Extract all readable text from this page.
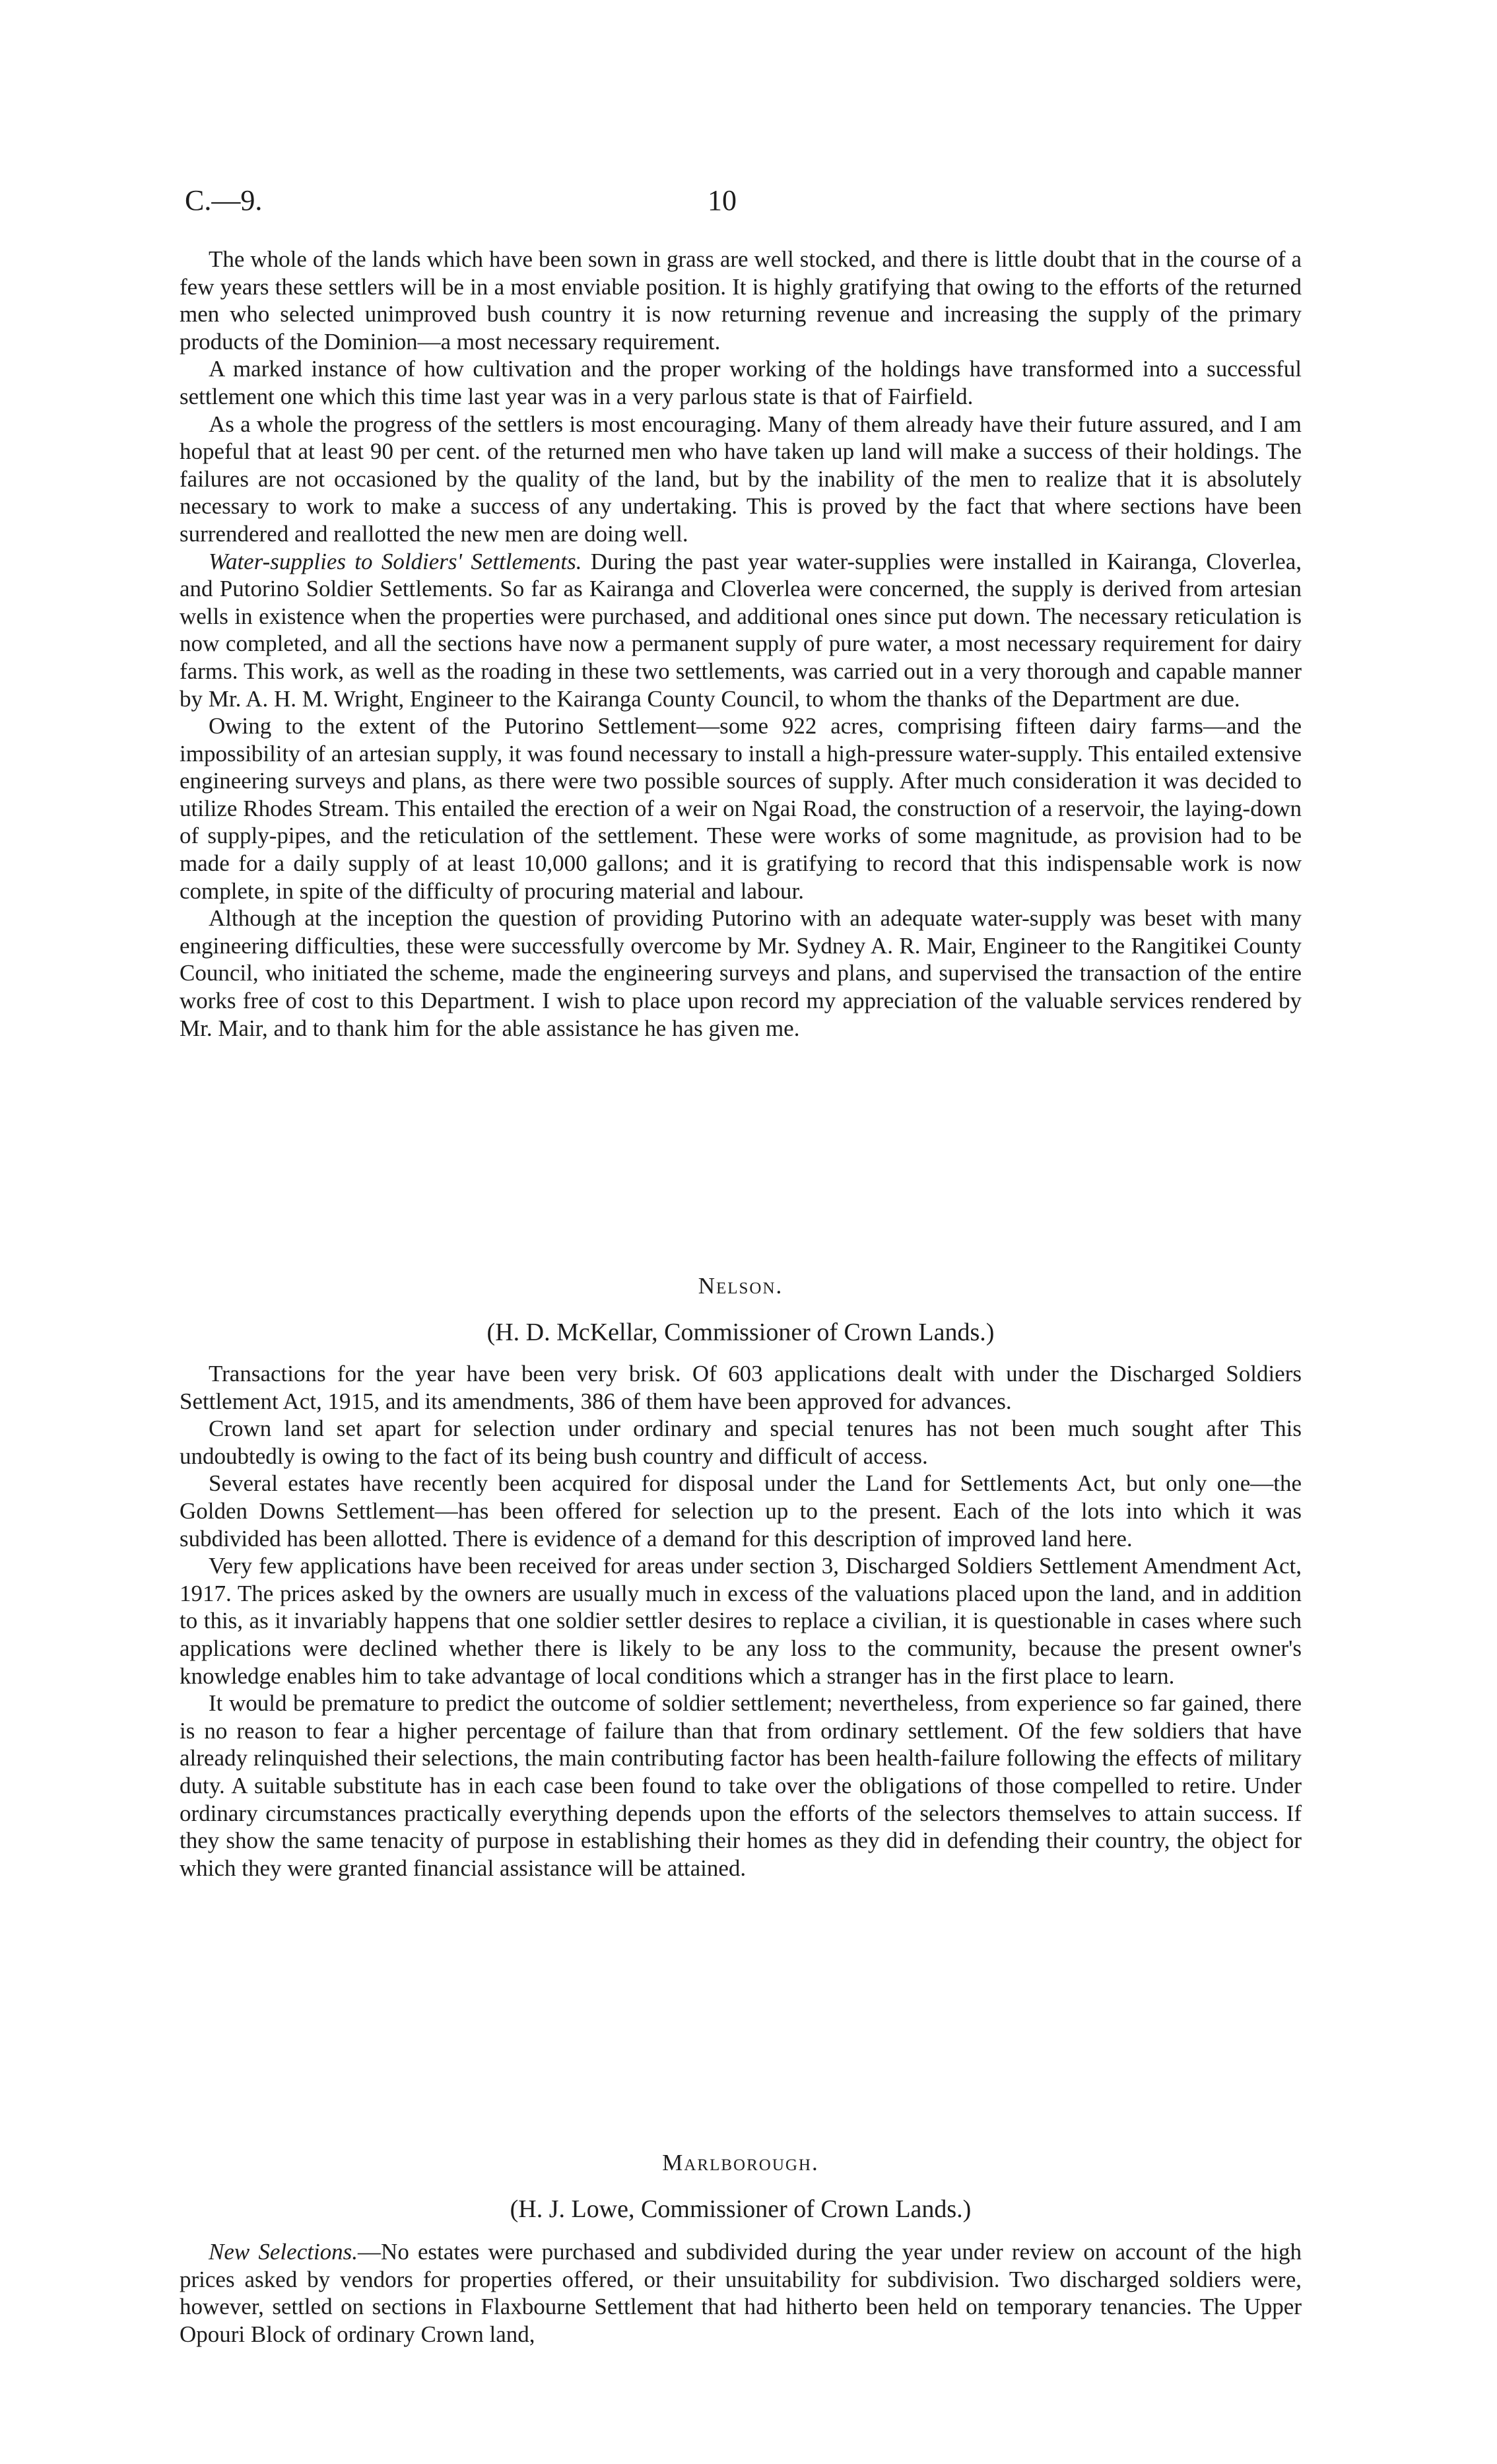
C.—9.	10

The whole of the lands which have been sown in grass are well stocked, and there is little doubt that in the course of a few years these settlers will be in a most enviable position. It is highly gratifying that owing to the efforts of the returned men who selected unimproved bush country it is now returning revenue and increasing the supply of the primary products of the Dominion—a most necessary requirement.

A marked instance of how cultivation and the proper working of the holdings have transformed into a successful settlement one which this time last year was in a very parlous state is that of Fairfield.

As a whole the progress of the settlers is most encouraging. Many of them already have their future assured, and I am hopeful that at least 90 per cent. of the returned men who have taken up land will make a success of their holdings. The failures are not occasioned by the quality of the land, but by the inability of the men to realize that it is absolutely necessary to work to make a success of any undertaking. This is proved by the fact that where sections have been surrendered and reallotted the new men are doing well.

Water-supplies to Soldiers' Settlements. During the past year water-supplies were installed in Kairanga, Cloverlea, and Putorino Soldier Settlements. So far as Kairanga and Cloverlea were concerned, the supply is derived from artesian wells in existence when the properties were purchased, and additional ones since put down. The necessary reticulation is now completed, and all the sections have now a permanent supply of pure water, a most necessary requirement for dairy farms. This work, as well as the roading in these two settlements, was carried out in a very thorough and capable manner by Mr. A. H. M. Wright, Engineer to the Kairanga County Council, to whom the thanks of the Department are due.

Owing to the extent of the Putorino Settlement—some 922 acres, comprising fifteen dairy farms—and the impossibility of an artesian supply, it was found necessary to install a high-pressure water-supply. This entailed extensive engineering surveys and plans, as there were two possible sources of supply. After much consideration it was decided to utilize Rhodes Stream. This entailed the erection of a weir on Ngai Road, the construction of a reservoir, the laying-down of supply-pipes, and the reticulation of the settlement. These were works of some magnitude, as provision had to be made for a daily supply of at least 10,000 gallons; and it is gratifying to record that this indispensable work is now complete, in spite of the difficulty of procuring material and labour.

Although at the inception the question of providing Putorino with an adequate water-supply was beset with many engineering difficulties, these were successfully overcome by Mr. Sydney A. R. Mair, Engineer to the Rangitikei County Council, who initiated the scheme, made the engineering surveys and plans, and supervised the transaction of the entire works free of cost to this Department. I wish to place upon record my appreciation of the valuable services rendered by Mr. Mair, and to thank him for the able assistance he has given me.

Nelson.
(H. D. McKellar, Commissioner of Crown Lands.)

Transactions for the year have been very brisk. Of 603 applications dealt with under the Discharged Soldiers Settlement Act, 1915, and its amendments, 386 of them have been approved for advances.

Crown land set apart for selection under ordinary and special tenures has not been much sought after This undoubtedly is owing to the fact of its being bush country and difficult of access.

Several estates have recently been acquired for disposal under the Land for Settlements Act, but only one—the Golden Downs Settlement—has been offered for selection up to the present. Each of the lots into which it was subdivided has been allotted. There is evidence of a demand for this description of improved land here.

Very few applications have been received for areas under section 3, Discharged Soldiers Settlement Amendment Act, 1917. The prices asked by the owners are usually much in excess of the valuations placed upon the land, and in addition to this, as it invariably happens that one soldier settler desires to replace a civilian, it is questionable in cases where such applications were declined whether there is likely to be any loss to the community, because the present owner's knowledge enables him to take advantage of local conditions which a stranger has in the first place to learn.

It would be premature to predict the outcome of soldier settlement; nevertheless, from experience so far gained, there is no reason to fear a higher percentage of failure than that from ordinary settlement. Of the few soldiers that have already relinquished their selections, the main contributing factor has been health-failure following the effects of military duty. A suitable substitute has in each case been found to take over the obligations of those compelled to retire. Under ordinary circumstances practically everything depends upon the efforts of the selectors themselves to attain success. If they show the same tenacity of purpose in establishing their homes as they did in defending their country, the object for which they were granted financial assistance will be attained.

Marlborough.
(H. J. Lowe, Commissioner of Crown Lands.)

New Selections.—No estates were purchased and subdivided during the year under review on account of the high prices asked by vendors for properties offered, or their unsuitability for subdivision. Two discharged soldiers were, however, settled on sections in Flaxbourne Settlement that had hitherto been held on temporary tenancies. The Upper Opouri Block of ordinary Crown land,
